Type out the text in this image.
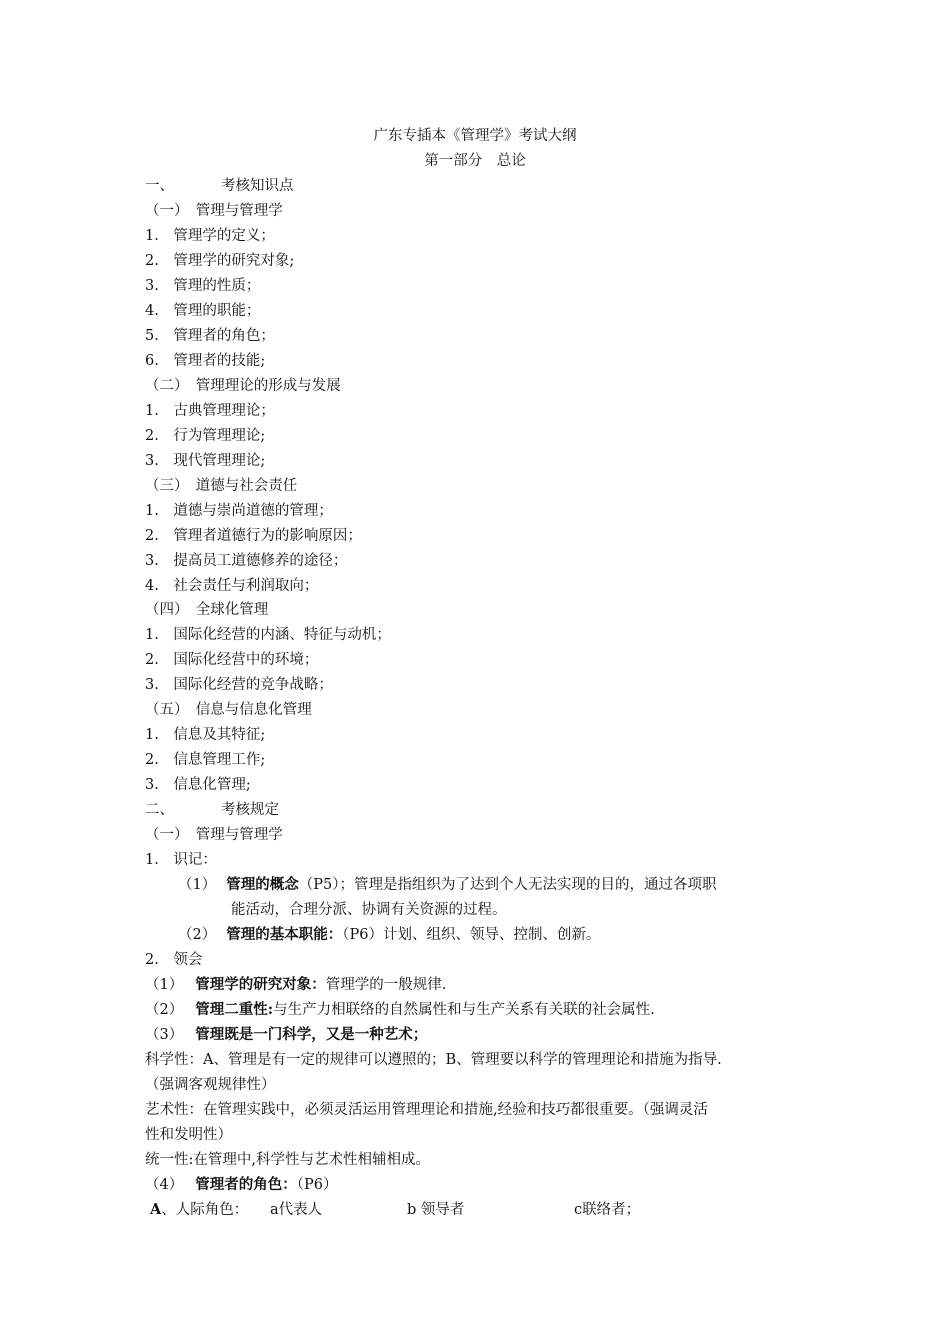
广东专插本《管理学》考试大纲
第一部分　总论
一、	考核知识点
（一）　管理与管理学
1.　管理学的定义；
2.　管理学的研究对象;
3.　管理的性质；
4.　管理的职能；
5.　管理者的角色；
6.　管理者的技能;
（二）　管理理论的形成与发展
1.　古典管理理论；
2.　行为管理理论;
3.　现代管理理论;
（三）　道德与社会责任
1.　道德与崇尚道德的管理；
2.　管理者道德行为的影响原因；
3.　提高员工道德修养的途径；
4.　社会责任与利润取向；
（四）　全球化管理
1.　国际化经营的内涵、特征与动机；
2.　国际化经营中的环境；
3.　国际化经营的竞争战略；
（五）　信息与信息化管理
1.　信息及其特征;
2.　信息管理工作;
3.　信息化管理;
二、	考核规定
（一）　管理与管理学
1.　识记：
（1） 管理的概念（P5）；管理是指组织为了达到个人无法实现的目的，通过各项职
能活动，合理分派、协调有关资源的过程。
（2） 管理的基本职能：（P6）计划、组织、领导、控制、创新。
2.　领会
（1） 管理学的研究对象：管理学的一般规律.
（2） 管理二重性:与生产力相联络的自然属性和与生产关系有关联的社会属性.
（3） 管理既是一门科学，又是一种艺术；
科学性：A、管理是有一定的规律可以遵照的；B、管理要以科学的管理理论和措施为指导.
（强调客观规律性）
艺术性：在管理实践中，必须灵活运用管理理论和措施,经验和技巧都很重要。（强调灵活
性和发明性）
统一性:在管理中,科学性与艺术性相辅相成。
（4） 管理者的角色：（P6）
A、人际角色： a代表人	b 领导者	c联络者；
